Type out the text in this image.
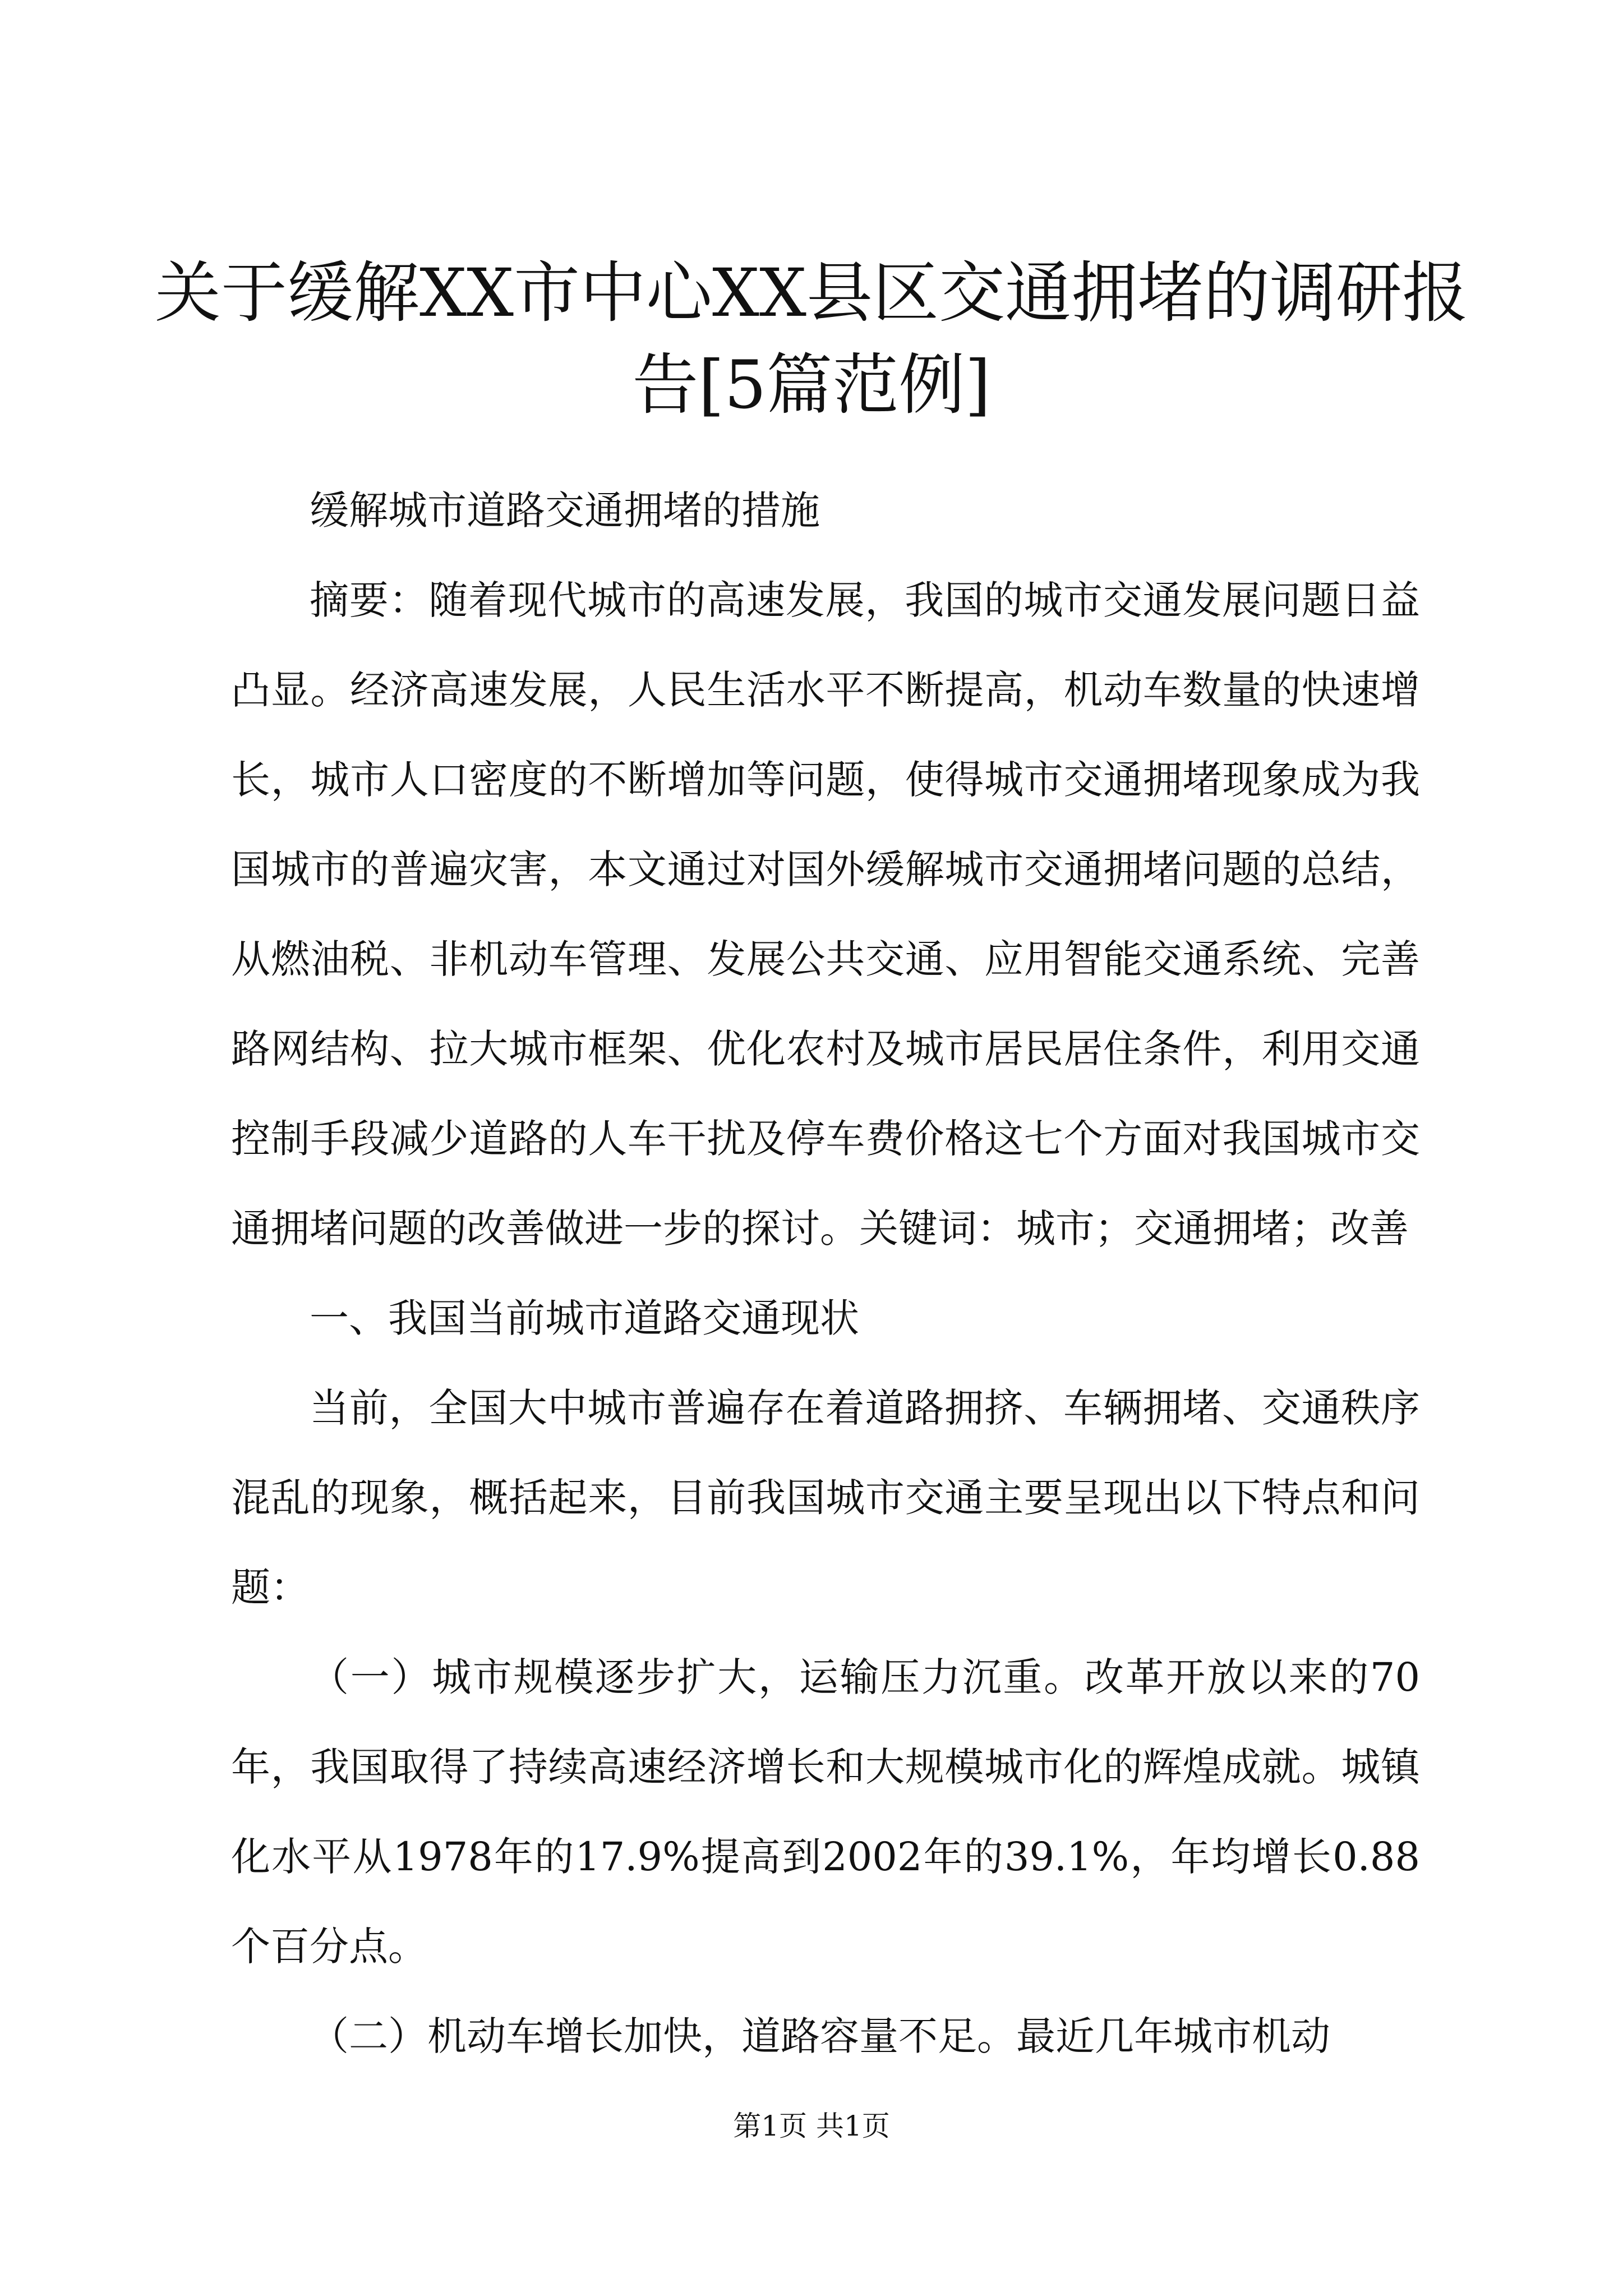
关于缓解XX市中心XX县区交通拥堵的调研报告[5篇范例]

缓解城市道路交通拥堵的措施

摘要：随着现代城市的高速发展，我国的城市交通发展问题日益凸显。经济高速发展，人民生活水平不断提高，机动车数量的快速增长，城市人口密度的不断增加等问题，使得城市交通拥堵现象成为我国城市的普遍灾害，本文通过对国外缓解城市交通拥堵问题的总结，从燃油税、非机动车管理、发展公共交通、应用智能交通系统、完善路网结构、拉大城市框架、优化农村及城市居民居住条件，利用交通控制手段减少道路的人车干扰及停车费价格这七个方面对我国城市交通拥堵问题的改善做进一步的探讨。关键词：城市；交通拥堵；改善

一、我国当前城市道路交通现状

当前，全国大中城市普遍存在着道路拥挤、车辆拥堵、交通秩序混乱的现象，概括起来，目前我国城市交通主要呈现出以下特点和问题：

（一）城市规模逐步扩大，运输压力沉重。改革开放以来的70年，我国取得了持续高速经济增长和大规模城市化的辉煌成就。城镇化水平从1978年的17.9%提高到2002年的39.1%，年均增长0.88个百分点。

（二）机动车增长加快，道路容量不足。最近几年城市机动

第1页 共1页
